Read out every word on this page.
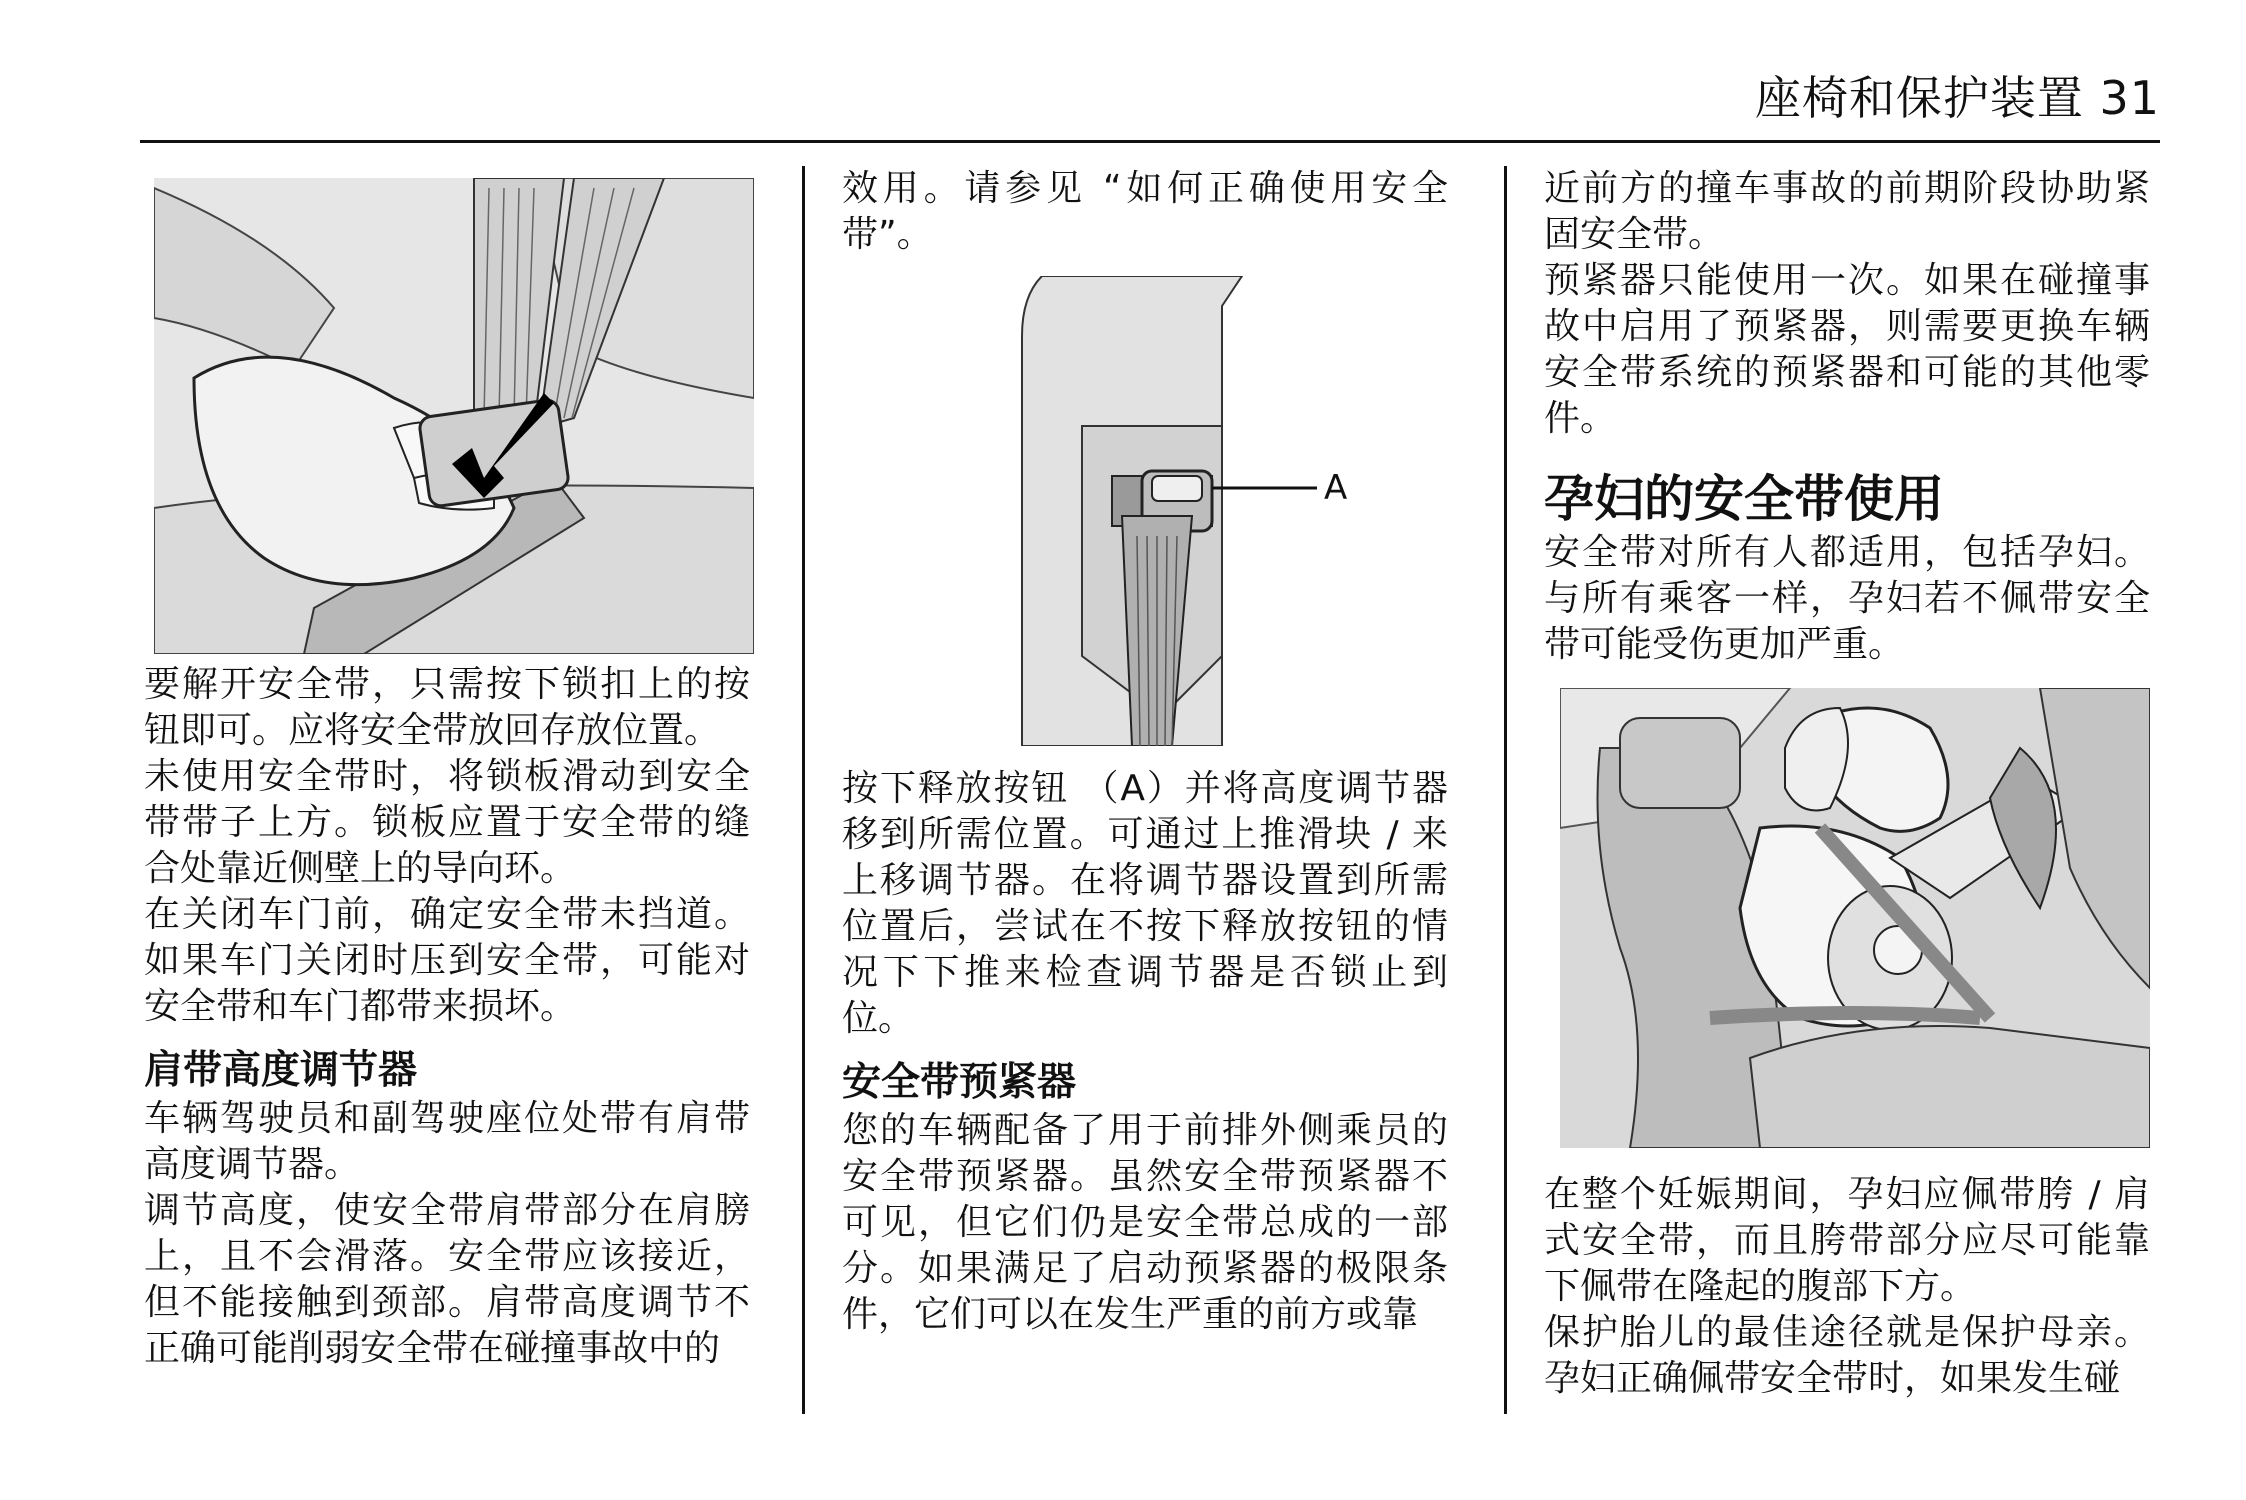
座椅和保护装置 31

要解开安全带，只需按下锁扣上的按钮即可。应将安全带放回存放位置。

未使用安全带时，将锁板滑动到安全带带子上方。锁板应置于安全带的缝合处靠近侧壁上的导向环。

在关闭车门前，确定安全带未挡道。如果车门关闭时压到安全带，可能对安全带和车门都带来损坏。

肩带高度调节器

车辆驾驶员和副驾驶座位处带有肩带高度调节器。

调节高度，使安全带肩带部分在肩膀上，且不会滑落。安全带应该接近，但不能接触到颈部。肩带高度调节不正确可能削弱安全带在碰撞事故中的

效用。请参见 “如何正确使用安全带”。

A

按下释放按钮 （A）并将高度调节器移到所需位置。可通过上推滑块 / 来上移调节器。在将调节器设置到所需位置后，尝试在不按下释放按钮的情况下下推来检查调节器是否锁止到位。

安全带预紧器

您的车辆配备了用于前排外侧乘员的安全带预紧器。虽然安全带预紧器不可见，但它们仍是安全带总成的一部分。如果满足了启动预紧器的极限条件，它们可以在发生严重的前方或靠

近前方的撞车事故的前期阶段协助紧固安全带。

预紧器只能使用一次。如果在碰撞事故中启用了预紧器，则需要更换车辆安全带系统的预紧器和可能的其他零件。

孕妇的安全带使用

安全带对所有人都适用，包括孕妇。与所有乘客一样，孕妇若不佩带安全带可能受伤更加严重。

在整个妊娠期间，孕妇应佩带胯 / 肩式安全带，而且胯带部分应尽可能靠下佩带在隆起的腹部下方。

保护胎儿的最佳途径就是保护母亲。孕妇正确佩带安全带时，如果发生碰
